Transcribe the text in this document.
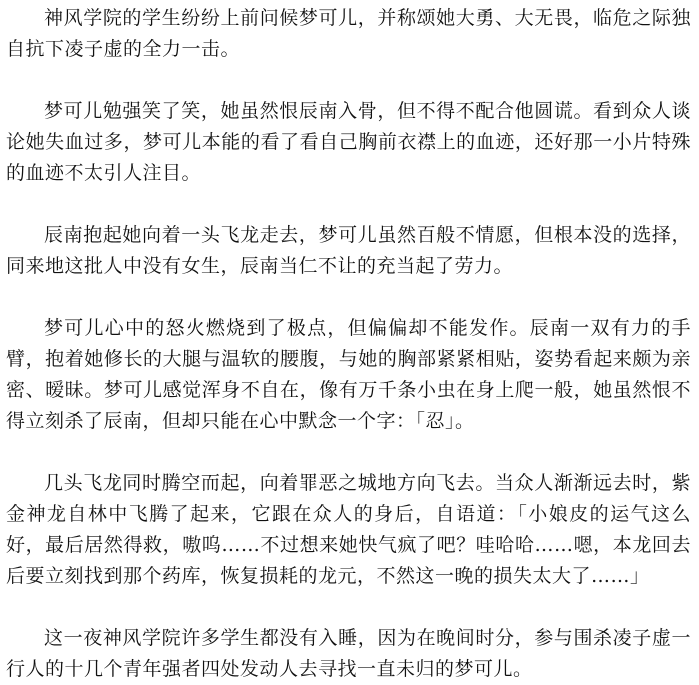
神风学院的学生纷纷上前问候梦可儿，并称颂她大勇、大无畏，临危之际独自抗下凌子虚的全力一击。

梦可儿勉强笑了笑，她虽然恨辰南入骨，但不得不配合他圆谎。看到众人谈论她失血过多，梦可儿本能的看了看自己胸前衣襟上的血迹，还好那一小片特殊的血迹不太引人注目。

辰南抱起她向着一头飞龙走去，梦可儿虽然百般不情愿，但根本没的选择，同来地这批人中没有女生，辰南当仁不让的充当起了劳力。

梦可儿心中的怒火燃烧到了极点，但偏偏却不能发作。辰南一双有力的手臂，抱着她修长的大腿与温软的腰腹，与她的胸部紧紧相贴，姿势看起来颇为亲密、暧昧。梦可儿感觉浑身不自在，像有万千条小虫在身上爬一般，她虽然恨不得立刻杀了辰南，但却只能在心中默念一个字：「忍」。

几头飞龙同时腾空而起，向着罪恶之城地方向飞去。当众人渐渐远去时，紫金神龙自林中飞腾了起来，它跟在众人的身后，自语道：「小娘皮的运气这么好，最后居然得救，嗷呜……不过想来她快气疯了吧？哇哈哈……嗯，本龙回去后要立刻找到那个药库，恢复损耗的龙元，不然这一晚的损失太大了……」

这一夜神风学院许多学生都没有入睡，因为在晚间时分，参与围杀凌子虚一行人的十几个青年强者四处发动人去寻找一直未归的梦可儿。
